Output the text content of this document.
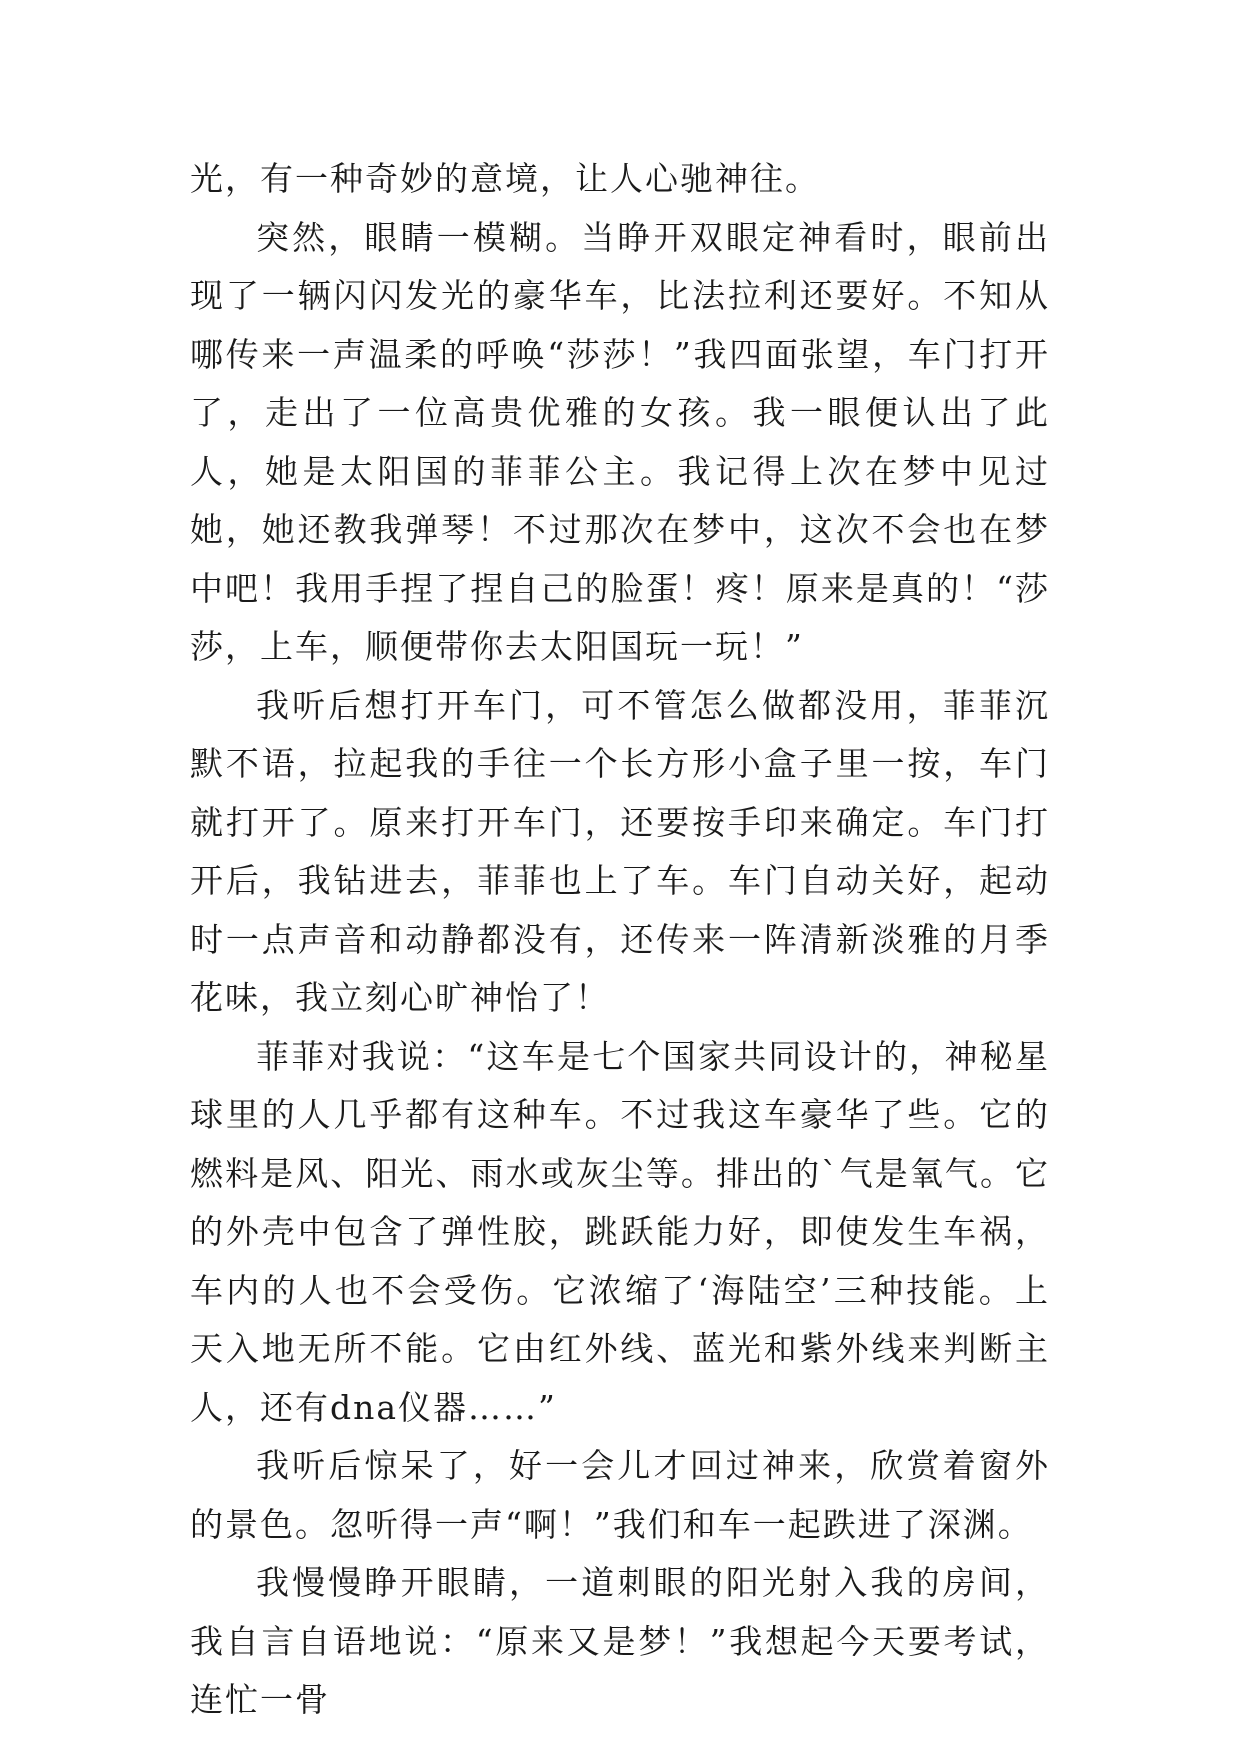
光，有一种奇妙的意境，让人心驰神往。

突然，眼睛一模糊。当睁开双眼定神看时，眼前出现了一辆闪闪发光的豪华车，比法拉利还要好。不知从哪传来一声温柔的呼唤“莎莎！”我四面张望，车门打开了，走出了一位高贵优雅的女孩。我一眼便认出了此人，她是太阳国的菲菲公主。我记得上次在梦中见过她，她还教我弹琴！不过那次在梦中，这次不会也在梦中吧！我用手捏了捏自己的脸蛋！疼！原来是真的！“莎莎，上车，顺便带你去太阳国玩一玩！”

我听后想打开车门，可不管怎么做都没用，菲菲沉默不语，拉起我的手往一个长方形小盒子里一按，车门就打开了。原来打开车门，还要按手印来确定。车门打开后，我钻进去，菲菲也上了车。车门自动关好，起动时一点声音和动静都没有，还传来一阵清新淡雅的月季花味，我立刻心旷神怡了！

菲菲对我说：“这车是七个国家共同设计的，神秘星球里的人几乎都有这种车。不过我这车豪华了些。它的燃料是风、阳光、雨水或灰尘等。排出的`气是氧气。它的外壳中包含了弹性胶，跳跃能力好，即使发生车祸，车内的人也不会受伤。它浓缩了‘海陆空’三种技能。上天入地无所不能。它由红外线、蓝光和紫外线来判断主人，还有dna仪器……”

我听后惊呆了，好一会儿才回过神来，欣赏着窗外的景色。忽听得一声“啊！”我们和车一起跌进了深渊。

我慢慢睁开眼睛，一道刺眼的阳光射入我的房间，我自言自语地说：“原来又是梦！”我想起今天要考试，连忙一骨
